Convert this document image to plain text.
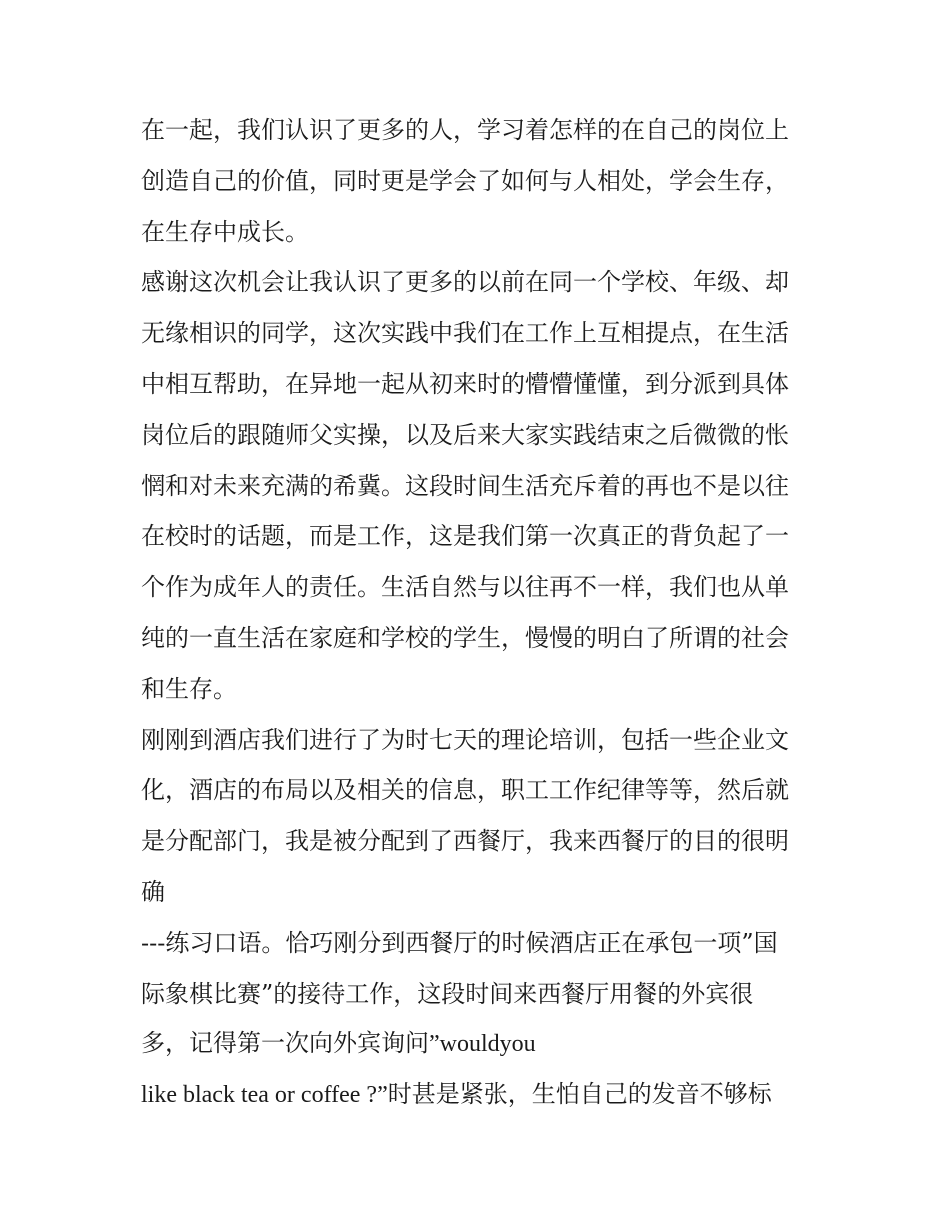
在一起，我们认识了更多的人，学习着怎样的在自己的岗位上
创造自己的价值，同时更是学会了如何与人相处，学会生存，
在生存中成长。
感谢这次机会让我认识了更多的以前在同一个学校、年级、却
无缘相识的同学，这次实践中我们在工作上互相提点，在生活
中相互帮助，在异地一起从初来时的懵懵懂懂，到分派到具体
岗位后的跟随师父实操，以及后来大家实践结束之后微微的怅
惘和对未来充满的希冀。这段时间生活充斥着的再也不是以往
在校时的话题，而是工作，这是我们第一次真正的背负起了一
个作为成年人的责任。生活自然与以往再不一样，我们也从单
纯的一直生活在家庭和学校的学生，慢慢的明白了所谓的社会
和生存。
刚刚到酒店我们进行了为时七天的理论培训，包括一些企业文
化，酒店的布局以及相关的信息，职工工作纪律等等，然后就
是分配部门，我是被分配到了西餐厅，我来西餐厅的目的很明
确
---练习口语。恰巧刚分到西餐厅的时候酒店正在承包一项”国
际象棋比赛”的接待工作，这段时间来西餐厅用餐的外宾很
多，记得第一次向外宾询问”wouldyou
like black tea or coffee ?”时甚是紧张，生怕自己的发音不够标
